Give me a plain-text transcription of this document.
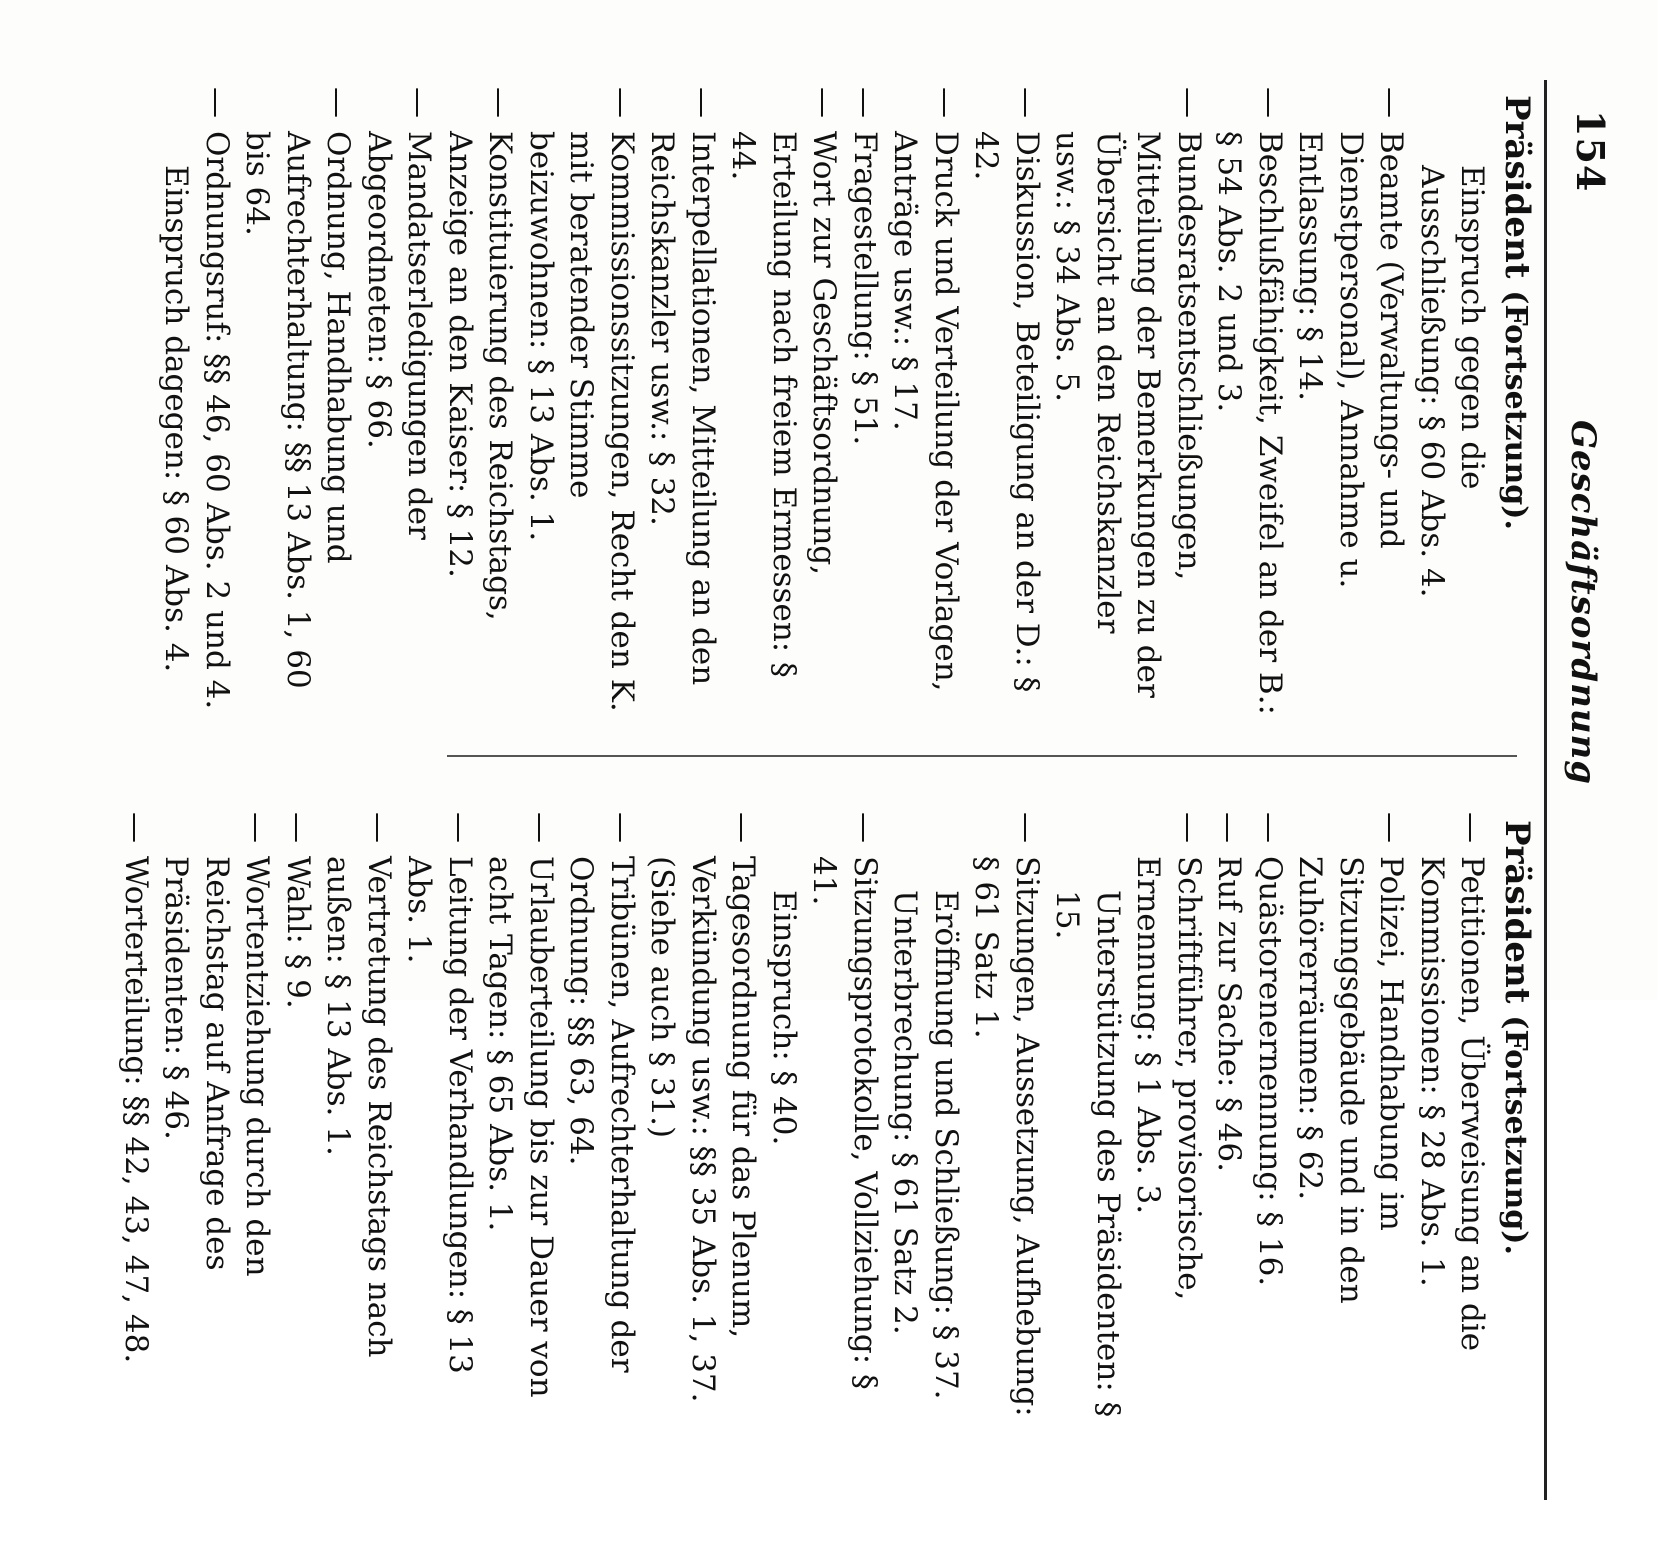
154
Geschäftsordnung
Präsident (Fortsetzung).
Einspruch gegen die Ausschließung: § 60 Abs. 4.
— Beamte (Verwaltungs- und Dienstpersonal), Annahme u. Entlassung: § 14.
— Beschlußfähigkeit, Zweifel an der B.: § 54 Abs. 2 und 3.
— Bundesratsentschließungen, Mitteilung der Bemerkungen zu der Übersicht an den Reichskanzler usw.: § 34 Abs. 5.
— Diskussion, Beteiligung an der D.: § 42.
— Druck und Verteilung der Vorlagen, Anträge usw.: § 17.
— Fragestellung: § 51.
— Wort zur Geschäftsordnung, Erteilung nach freiem Ermessen: § 44.
— Interpellationen, Mitteilung an den Reichskanzler usw.: § 32.
— Kommissionssitzungen, Recht den K. mit beratender Stimme beizuwohnen: § 13 Abs. 1.
— Konstituierung des Reichstags, Anzeige an den Kaiser: § 12.
— Mandatserledigungen der Abgeordneten: § 66.
— Ordnung, Handhabung und Aufrechterhaltung: §§ 13 Abs. 1, 60 bis 64.
— Ordnungsruf: §§ 46, 60 Abs. 2 und 4.
Einspruch dagegen: § 60 Abs. 4.
Präsident (Fortsetzung).
— Petitionen, Überweisung an die Kommissionen: § 28 Abs. 1.
— Polizei, Handhabung im Sitzungsgebäude und in den Zuhörerräumen: § 62.
— Quästorenernennung: § 16.
— Ruf zur Sache: § 46.
— Schriftführer, provisorische, Ernennung: § 1 Abs. 3.
Unterstützung des Präsidenten: § 15.
— Sitzungen, Aussetzung, Aufhebung: § 61 Satz 1.
Eröffnung und Schließung: § 37.
Unterbrechung: § 61 Satz 2.
— Sitzungsprotokolle, Vollziehung: § 41.
Einspruch: § 40.
— Tagesordnung für das Plenum, Verkündung usw.: §§ 35 Abs. 1, 37. (Siehe auch § 31.)
— Tribünen, Aufrechterhaltung der Ordnung: §§ 63, 64.
— Urlauberteilung bis zur Dauer von acht Tagen: § 65 Abs. 1.
— Leitung der Verhandlungen: § 13 Abs. 1.
— Vertretung des Reichstags nach außen: § 13 Abs. 1.
— Wahl: § 9.
— Wortentziehung durch den Reichstag auf Anfrage des Präsidenten: § 46.
— Worterteilung: §§ 42, 43, 47, 48.
